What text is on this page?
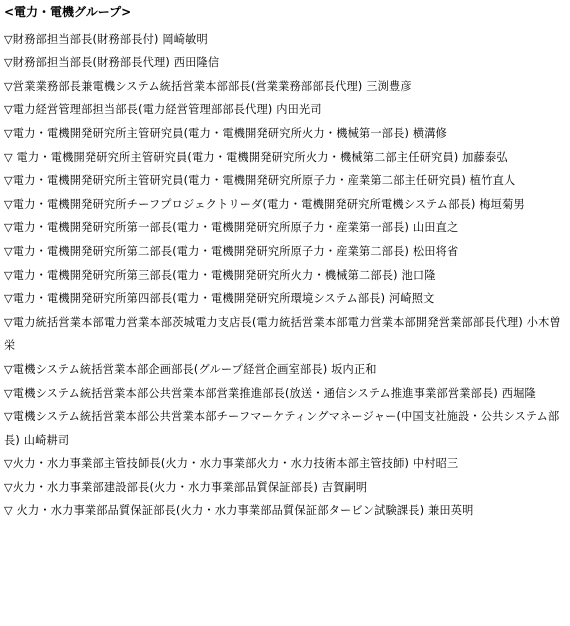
<電力・電機グループ>

▽財務部担当部長(財務部長付) 岡崎敏明

▽財務部担当部長(財務部長代理) 西田隆信

▽営業業務部長兼電機システム統括営業本部部長(営業業務部部長代理) 三渕豊彦

▽電力経営管理部担当部長(電力経営管理部部長代理) 内田光司

▽電力・電機開発研究所主管研究員(電力・電機開発研究所火力・機械第一部長) 横溝修

▽ 電力・電機開発研究所主管研究員(電力・電機開発研究所火力・機械第二部主任研究員) 加藤泰弘

▽電力・電機開発研究所主管研究員(電力・電機開発研究所原子力・産業第二部主任研究員) 植竹直人

▽電力・電機開発研究所チーフプロジェクトリーダ(電力・電機開発研究所電機システム部長) 梅垣菊男

▽電力・電機開発研究所第一部長(電力・電機開発研究所原子力・産業第一部長) 山田直之

▽電力・電機開発研究所第二部長(電力・電機開発研究所原子力・産業第二部長) 松田将省

▽電力・電機開発研究所第三部長(電力・電機開発研究所火力・機械第二部長) 池口隆

▽電力・電機開発研究所第四部長(電力・電機開発研究所環境システム部長) 河崎照文

▽電力統括営業本部電力営業本部茨城電力支店長(電力統括営業本部電力営業本部開発営業部部長代理) 小木曽栄

▽電機システム統括営業本部企画部長(グループ経営企画室部長) 坂内正和

▽電機システム統括営業本部公共営業本部営業推進部長(放送・通信システム推進事業部営業部長) 西堀隆

▽電機システム統括営業本部公共営業本部チーフマーケティングマネージャー(中国支社施設・公共システム部長) 山崎耕司

▽火力・水力事業部主管技師長(火力・水力事業部火力・水力技術本部主管技師) 中村昭三

▽火力・水力事業部建設部長(火力・水力事業部品質保証部長) 吉賀嗣明

▽ 火力・水力事業部品質保証部長(火力・水力事業部品質保証部タービン試験課長) 兼田英明
